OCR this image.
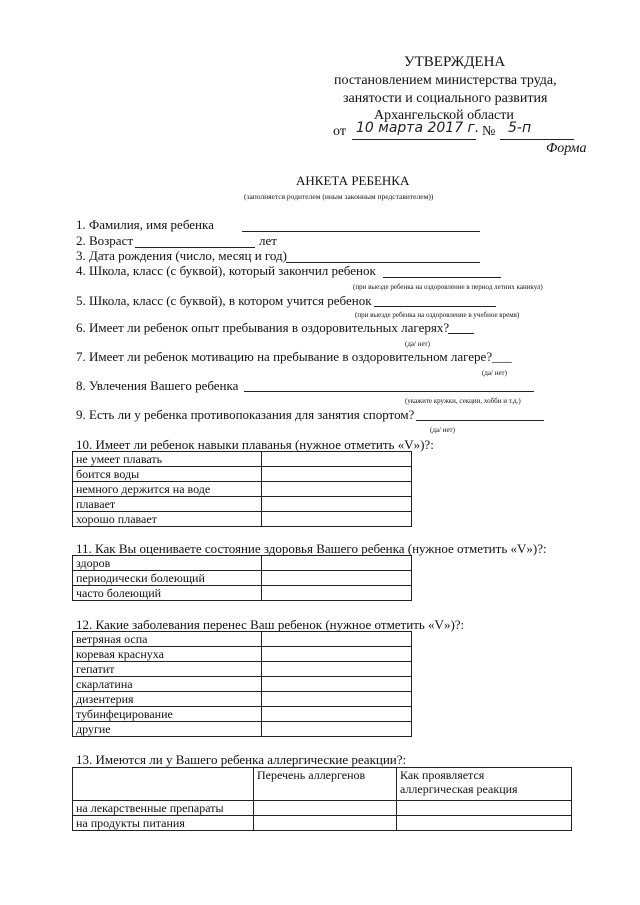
УТВЕРЖДЕНА
постановлением министерства труда,
занятости и социального развития
Архангельской области
от 10 марта 2017 г. № 5-п
Форма
АНКЕТА РЕБЕНКА
(заполняется родителем (иным законным представителем))
1. Фамилия, имя ребенка
2. Возраст	лет
3. Дата рождения (число, месяц и год)
4. Школа, класс (с буквой), который закончил ребенок
(при выезде ребенка на оздоровление в период летних каникул)
5. Школа, класс (с буквой), в котором учится ребенок
(при выезде ребенка на оздоровление в учебное время)
6. Имеет ли ребенок опыт пребывания в оздоровительных лагерях?
(да/ нет)
7. Имеет ли ребенок мотивацию на пребывание в оздоровительном лагере?___
(да/ нет)
8. Увлечения Вашего ребенка
(укажите кружки, секции, хобби и т.д.)
9. Есть ли у ребенка противопоказания для занятия спортом?
(да/ нет)
10. Имеет ли ребенок навыки плаванья (нужное отметить «V»)?:
не умеет плавать	
боится воды	
немного держится на воде	
плавает	
хорошо плавает	
11. Как Вы оцениваете состояние здоровья Вашего ребенка (нужное отметить «V»)?:
здоров	
периодически болеющий	
часто болеющий	
12. Какие заболевания перенес Ваш ребенок (нужное отметить «V»)?:
ветряная оспа	
коревая краснуха	
гепатит	
скарлатина	
дизентерия	
тубинфецирование	
другие	
13. Имеются ли у Вашего ребенка аллергические реакции?:
	Перечень аллергенов	Как проявляется
аллергическая реакция

на лекарственные препараты		
на продукты питания		
